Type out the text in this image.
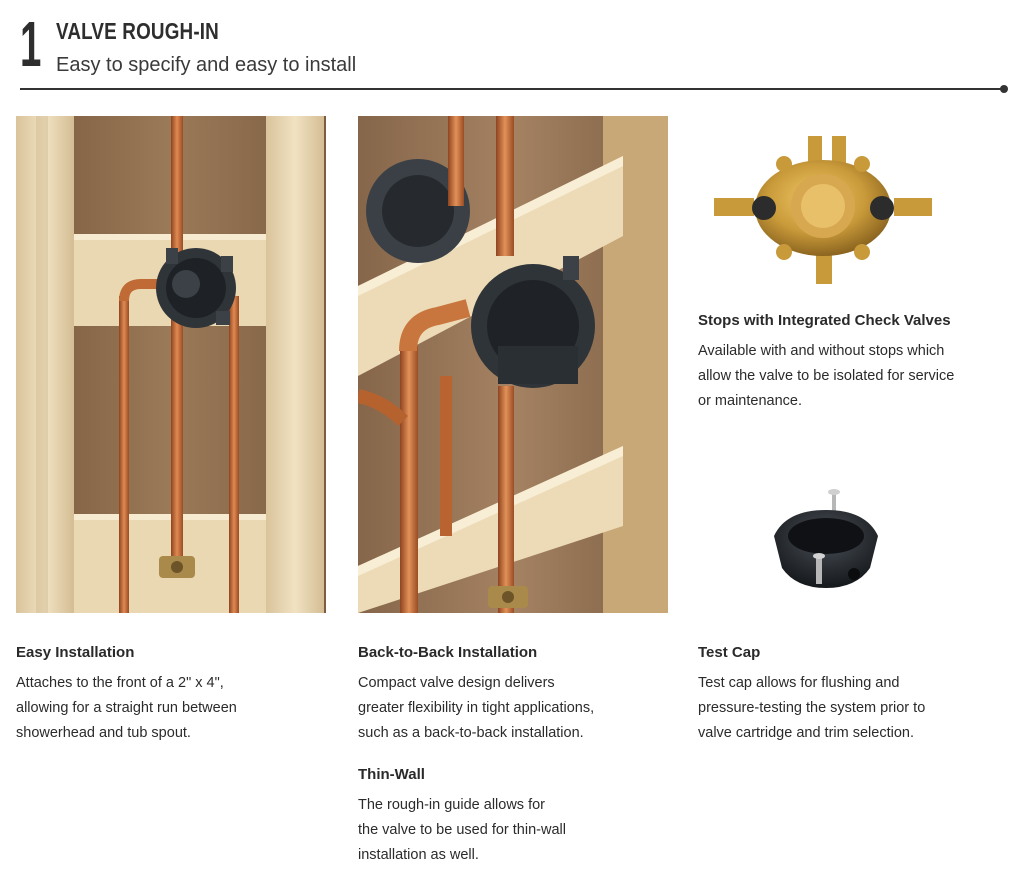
1 VALVE ROUGH-IN
Easy to specify and easy to install
Stops with Integrated Check Valves

Available with and without stops which
allow the valve to be isolated for service
or maintenance.

Easy Installation

Attaches to the front of a 2" x 4",
allowing for a straight run between
showerhead and tub spout.

Back-to-Back Installation

Compact valve design delivers
greater flexibility in tight applications,
such as a back-to-back installation.

Thin-Wall

The rough-in guide allows for
the valve to be used for thin-wall
installation as well.

Test Cap

Test cap allows for flushing and
pressure-testing the system prior to
valve cartridge and trim selection.
